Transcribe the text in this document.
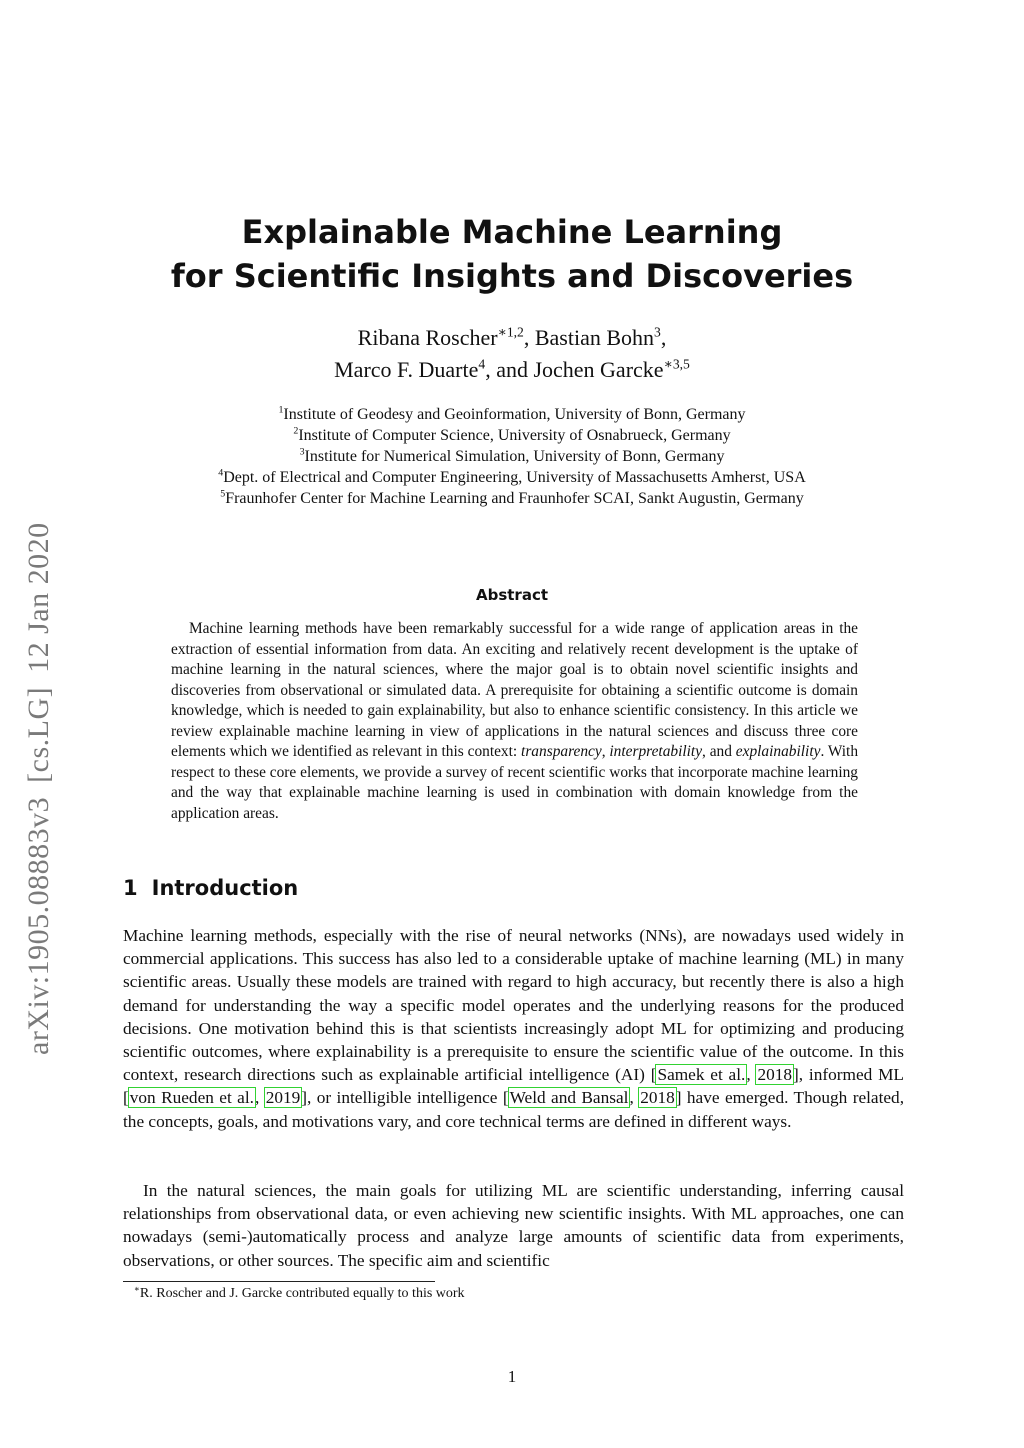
arXiv:1905.08883v3[cs.LG]12 Jan 2020
Explainable Machine Learning
for Scientific Insights and Discoveries
Ribana Roscher$^{∗1,2}$, Bastian Bohn$^3$,
Marco F. Duarte$^4$, and Jochen Garcke$^{∗3,5}$
$^1$Institute of Geodesy and Geoinformation, University of Bonn, Germany
$^2$Institute of Computer Science, University of Osnabrueck, Germany
$^3$Institute for Numerical Simulation, University of Bonn, Germany
$^4$Dept. of Electrical and Computer Engineering, University of Massachusetts Amherst, USA
$^5$Fraunhofer Center for Machine Learning and Fraunhofer SCAI, Sankt Augustin, Germany
Abstract
Machine learning methods have been remarkably successful for a wide range of application areas in the extraction of essential information from data. An exciting and relatively recent development is the uptake of machine learning in the natural sciences, where the major goal is to obtain novel scientific insights and discoveries from observational or simulated data. A prerequisite for obtaining a scientific outcome is domain knowledge, which is needed to gain explainability, but also to enhance scientific consistency. In this article we review explainable machine learning in view of applications in the natural sciences and discuss three core elements which we identified as relevant in this context: transparency, interpretability, and explainability. With respect to these core elements, we provide a survey of recent scientific works that incorporate machine learning and the way that explainable machine learning is used in combination with domain knowledge from the application areas.
1 Introduction
Machine learning methods, especially with the rise of neural networks (NNs), are nowadays used widely in commercial applications. This success has also led to a considerable uptake of machine learning (ML) in many scientific areas. Usually these models are trained with regard to high accuracy, but recently there is also a high demand for understanding the way a specific model operates and the underlying reasons for the produced decisions. One motivation behind this is that scientists increasingly adopt ML for optimizing and producing scientific outcomes, where explainability is a prerequisite to ensure the scientific value of the outcome. In this context, research directions such as explainable artificial intelligence (AI) [Samek et al., 2018], informed ML [von Rueden et al., 2019], or intelligible intelligence [Weld and Bansal, 2018] have emerged. Though related, the concepts, goals, and motivations vary, and core technical terms are defined in different ways.
In the natural sciences, the main goals for utilizing ML are scientific understanding, inferring causal relationships from observational data, or even achieving new scientific insights. With ML approaches, one can nowadays (semi-)automatically process and analyze large amounts of scientific data from experiments, observations, or other sources. The specific aim and scientific
∗R. Roscher and J. Garcke contributed equally to this work
1
